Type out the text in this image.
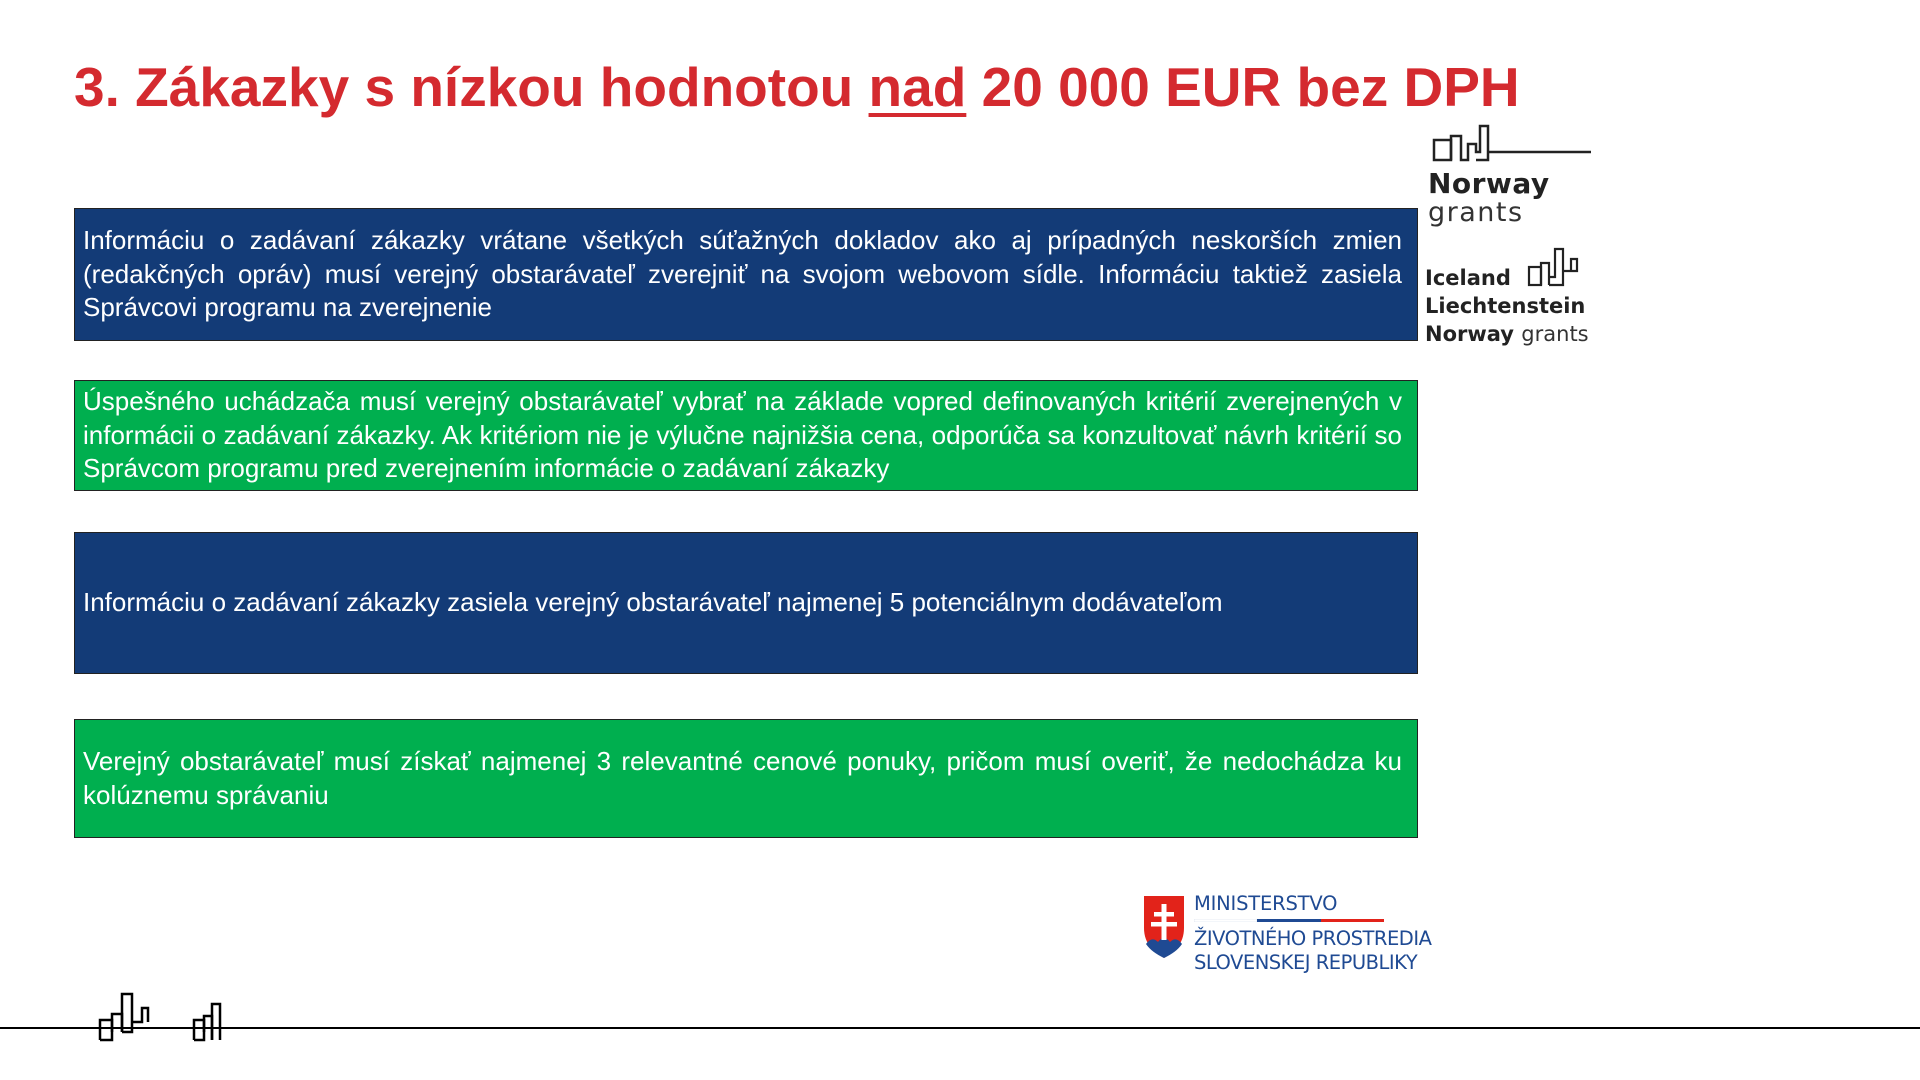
3. Zákazky s nízkou hodnotou nad 20 000 EUR bez DPH
Informáciu o zadávaní zákazky vrátane všetkých súťažných dokladov ako aj prípadných neskorších zmien (redakčných opráv) musí verejný obstarávateľ zverejniť na svojom webovom sídle. Informáciu taktiež zasiela Správcovi programu na zverejnenie
Úspešného uchádzača musí verejný obstarávateľ vybrať na základe vopred definovaných kritérií zverejnených v informácii o zadávaní zákazky. Ak kritériom nie je výlučne najnižšia cena, odporúča sa konzultovať návrh kritérií so Správcom programu pred zverejnením informácie o zadávaní zákazky
Informáciu o zadávaní zákazky zasiela verejný obstarávateľ najmenej 5 potenciálnym dodávateľom
Verejný obstarávateľ musí získať najmenej 3 relevantné cenové ponuky, pričom musí overiť, že nedochádza ku kolúznemu správaniu
Norway
grants
Iceland
Liechtenstein
Norway grants
MINISTERSTVO
ŽIVOTNÉHO PROSTREDIA
SLOVENSKEJ REPUBLIKY
